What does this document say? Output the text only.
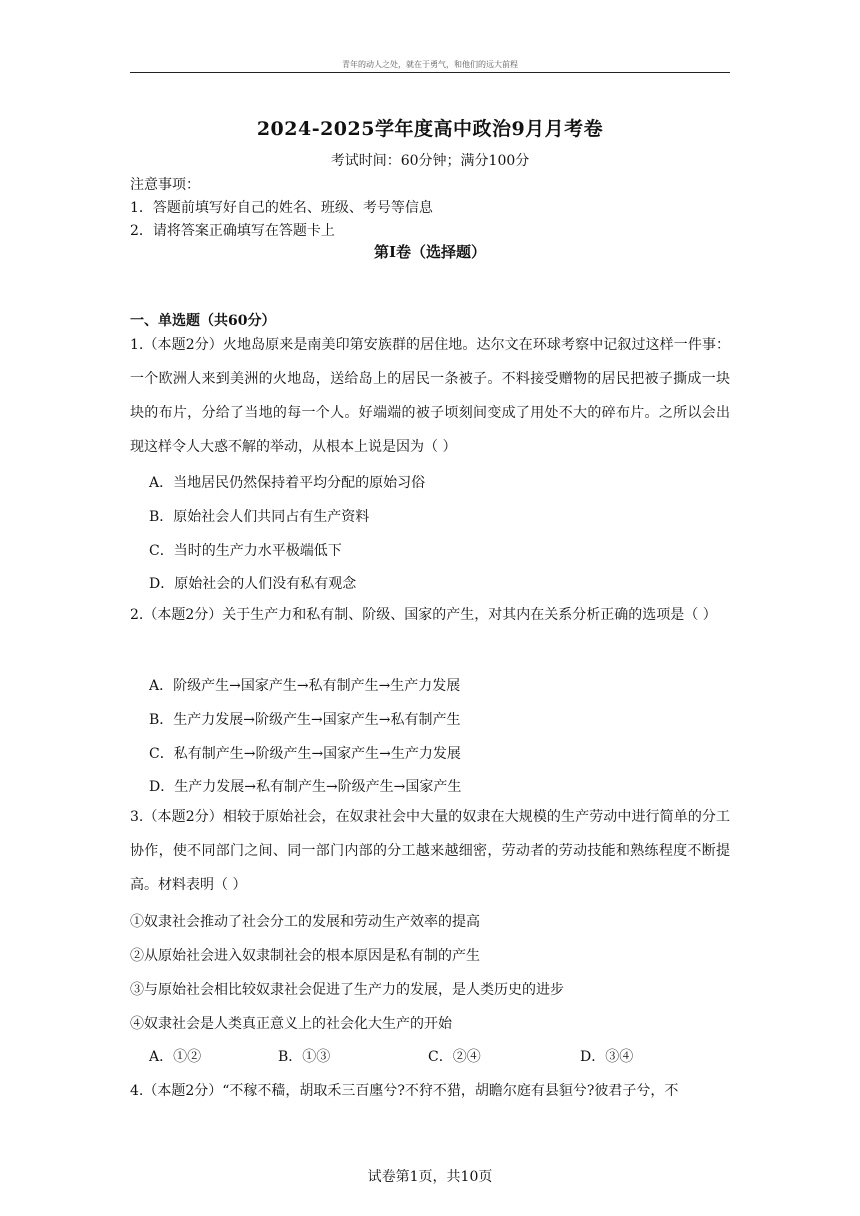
青年的动人之处，就在于勇气，和他们的远大前程
2024-2025学年度高中政治9月月考卷
考试时间：60分钟；满分100分
注意事项：
1．答题前填写好自己的姓名、班级、考号等信息
2．请将答案正确填写在答题卡上
第I卷（选择题）
一、单选题（共60分）
1.（本题2分）火地岛原来是南美印第安族群的居住地。达尔文在环球考察中记叙过这样一件事：一个欧洲人来到美洲的火地岛，送给岛上的居民一条被子。不料接受赠物的居民把被子撕成一块块的布片，分给了当地的每一个人。好端端的被子顷刻间变成了用处不大的碎布片。之所以会出现这样令人大惑不解的举动，从根本上说是因为（ ）
A．当地居民仍然保持着平均分配的原始习俗
B．原始社会人们共同占有生产资料
C．当时的生产力水平极端低下
D．原始社会的人们没有私有观念
2.（本题2分）关于生产力和私有制、阶级、国家的产生，对其内在关系分析正确的选项是（ ）
A．阶级产生→国家产生→私有制产生→生产力发展
B．生产力发展→阶级产生→国家产生→私有制产生
C．私有制产生→阶级产生→国家产生→生产力发展
D．生产力发展→私有制产生→阶级产生→国家产生
3.（本题2分）相较于原始社会，在奴隶社会中大量的奴隶在大规模的生产劳动中进行简单的分工协作，使不同部门之间、同一部门内部的分工越来越细密，劳动者的劳动技能和熟练程度不断提高。材料表明（ ）
①奴隶社会推动了社会分工的发展和劳动生产效率的提高
②从原始社会进入奴隶制社会的根本原因是私有制的产生
③与原始社会相比较奴隶社会促进了生产力的发展，是人类历史的进步
④奴隶社会是人类真正意义上的社会化大生产的开始
A．①②	B．①③	C．②④	D．③④
4.（本题2分）“不稼不穑，胡取禾三百廛兮?不狩不猎，胡瞻尔庭有县貆兮?彼君子兮，不
试卷第1页，共10页
